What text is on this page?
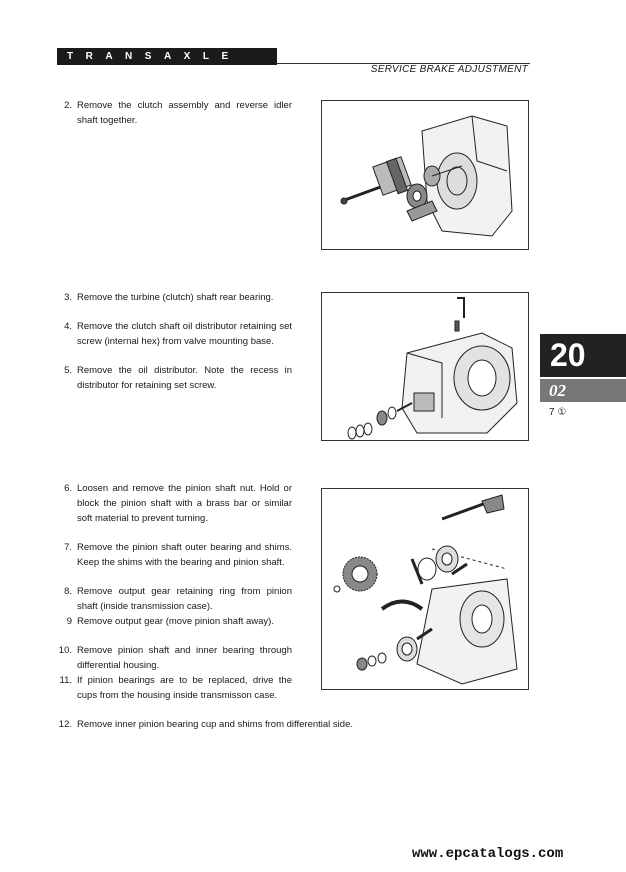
TRANSAXLE
SERVICE BRAKE ADJUSTMENT
2. Remove the clutch assembly and reverse idler shaft together.
3. Remove the turbine (clutch) shaft rear bearing.
4. Remove the clutch shaft oil distributor retaining set screw (internal hex) from valve mounting base.
5. Remove the oil distributor. Note the recess in distributor for retaining set screw.
6. Loosen and remove the pinion shaft nut. Hold or block the pinion shaft with a brass bar or similar soft material to prevent turning.
7. Remove the pinion shaft outer bearing and shims. Keep the shims with the bearing and pinion shaft.
8. Remove output gear retaining ring from pinion shaft (inside transmission case).
9 Remove output gear (move pinion shaft away).
10. Remove pinion shaft and inner bearing through differential housing.
11. If pinion bearings are to be replaced, drive the cups from the housing inside transmisson case.
12. Remove inner pinion bearing cup and shims from differential side.
20
02
7 ①
www.epcatalogs.com
